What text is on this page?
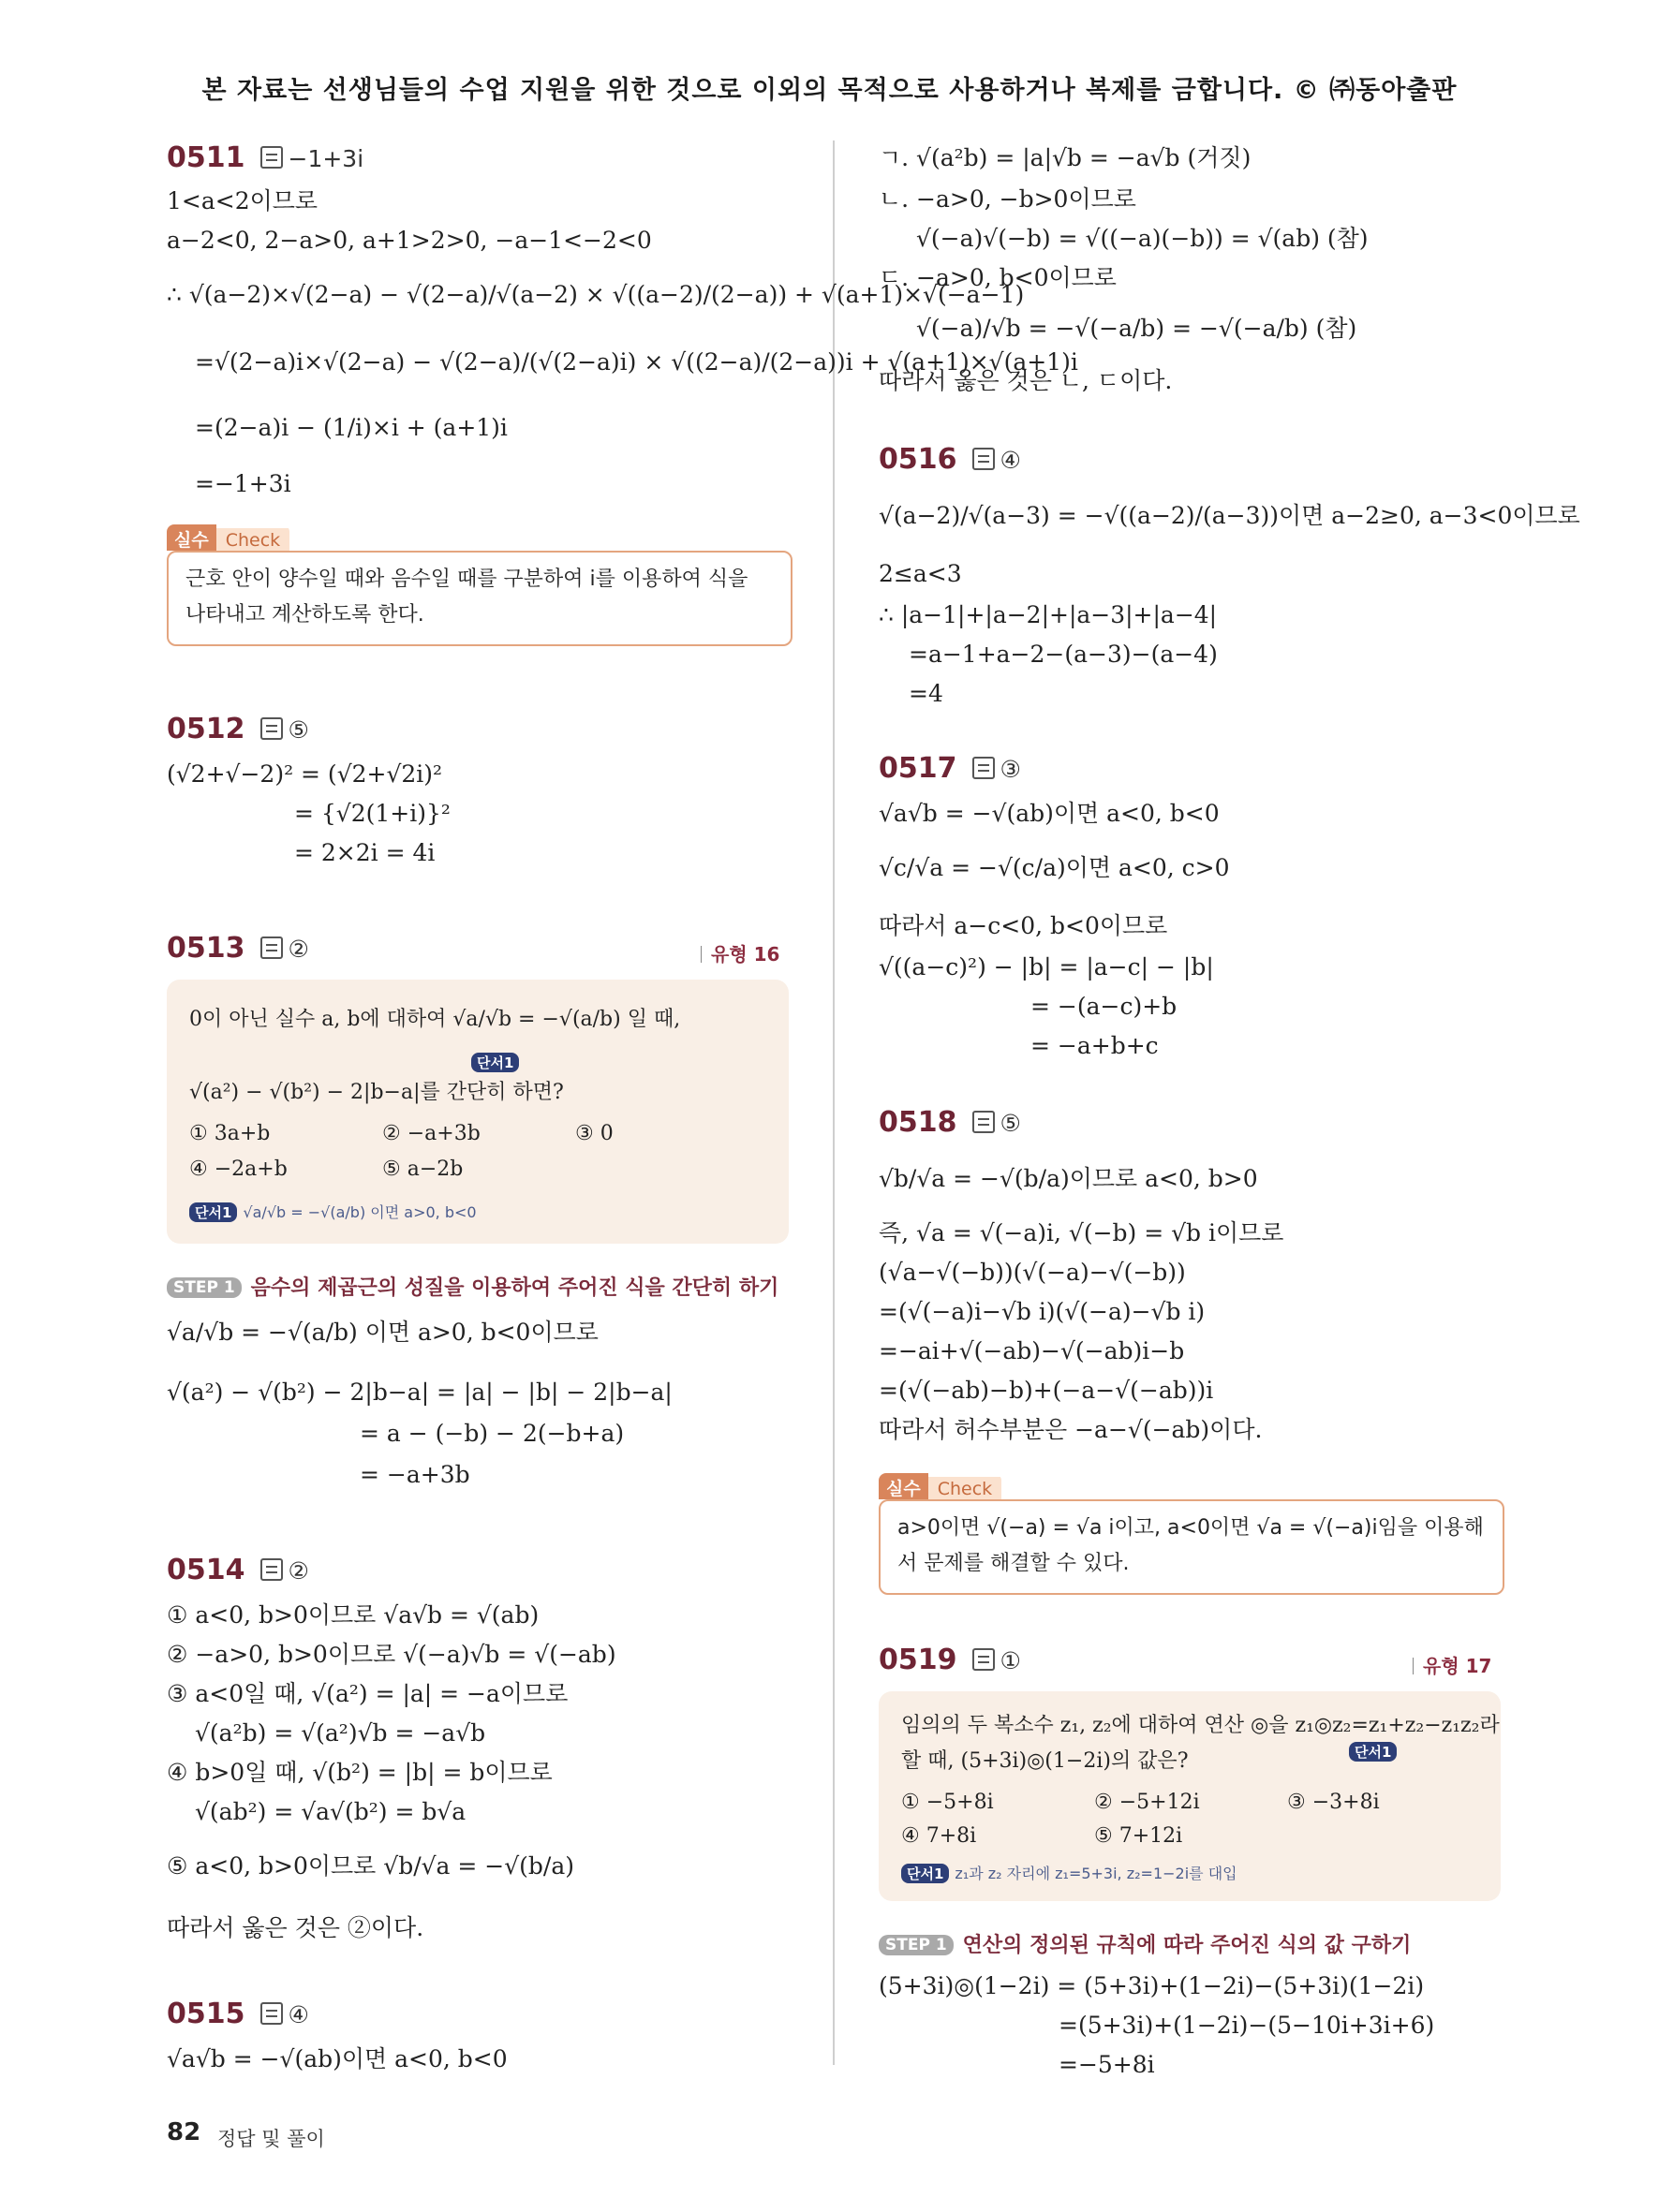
본 자료는 선생님들의 수업 지원을 위한 것으로 이외의 목적으로 사용하거나 복제를 금합니다. © ㈜동아출판
0511 −1+3i
1<a<2이므로
a−2<0, 2−a>0, a+1>2>0, −a−1<−2<0
∴ √(a−2)×√(2−a) − √(2−a)/√(a−2) × √((a−2)/(2−a)) + √(a+1)×√(−a−1)
=√(2−a)i×√(2−a) − √(2−a)/(√(2−a)i) × √((2−a)/(2−a))i + √(a+1)×√(a+1)i
=(2−a)i − (1/i)×i + (a+1)i
=−1+3i
실수 Check
근호 안이 양수일 때와 음수일 때를 구분하여 i를 이용하여 식을 나타내고 계산하도록 한다.
0512 ⑤
(√2+√−2)² = (√2+√2i)²
= {√2(1+i)}²
= 2×2i = 4i
0513 ②	유형 16
0이 아닌 실수 a, b에 대하여 √a/√b = −√(a/b) 일 때,
단서1
√(a²) − √(b²) − 2|b−a|를 간단히 하면?
① 3a+b	② −a+3b	③ 0
④ −2a+b	⑤ a−2b
단서1 √a/√b = −√(a/b) 이면 a>0, b<0
STEP 1 음수의 제곱근의 성질을 이용하여 주어진 식을 간단히 하기
√a/√b = −√(a/b) 이면 a>0, b<0이므로
√(a²) − √(b²) − 2|b−a| = |a| − |b| − 2|b−a|
= a − (−b) − 2(−b+a)
= −a+3b
0514 ②
① a<0, b>0이므로 √a√b = √(ab)
② −a>0, b>0이므로 √(−a)√b = √(−ab)
③ a<0일 때, √(a²) = |a| = −a이므로
√(a²b) = √(a²)√b = −a√b
④ b>0일 때, √(b²) = |b| = b이므로
√(ab²) = √a√(b²) = b√a
⑤ a<0, b>0이므로 √b/√a = −√(b/a)
따라서 옳은 것은 ②이다.
0515 ④
√a√b = −√(ab)이면 a<0, b<0
ㄱ. √(a²b) = |a|√b = −a√b (거짓)
ㄴ. −a>0, −b>0이므로
√(−a)√(−b) = √((−a)(−b)) = √(ab) (참)
ㄷ. −a>0, b<0이므로
√(−a)/√b = −√(−a/b) = −√(−a/b) (참)
따라서 옳은 것은 ㄴ, ㄷ이다.
0516 ④
√(a−2)/√(a−3) = −√((a−2)/(a−3))이면 a−2≥0, a−3<0이므로
2≤a<3
∴ |a−1|+|a−2|+|a−3|+|a−4|
=a−1+a−2−(a−3)−(a−4)
=4
0517 ③
√a√b = −√(ab)이면 a<0, b<0
√c/√a = −√(c/a)이면 a<0, c>0
따라서 a−c<0, b<0이므로
√((a−c)²) − |b| = |a−c| − |b|
= −(a−c)+b
= −a+b+c
0518 ⑤
√b/√a = −√(b/a)이므로 a<0, b>0
즉, √a = √(−a)i, √(−b) = √b i이므로
(√a−√(−b))(√(−a)−√(−b))
=(√(−a)i−√b i)(√(−a)−√b i)
=−ai+√(−ab)−√(−ab)i−b
=(√(−ab)−b)+(−a−√(−ab))i
따라서 허수부분은 −a−√(−ab)이다.
실수 Check
a>0이면 √(−a) = √a i이고, a<0이면 √a = √(−a)i임을 이용해서 문제를 해결할 수 있다.
0519 ①	유형 17
임의의 두 복소수 z₁, z₂에 대하여 연산 ◎을 z₁◎z₂=z₁+z₂−z₁z₂라
단서1
할 때, (5+3i)◎(1−2i)의 값은?
① −5+8i	② −5+12i	③ −3+8i
④ 7+8i	⑤ 7+12i
단서1 z₁과 z₂ 자리에 z₁=5+3i, z₂=1−2i를 대입
STEP 1 연산의 정의된 규칙에 따라 주어진 식의 값 구하기
(5+3i)◎(1−2i) = (5+3i)+(1−2i)−(5+3i)(1−2i)
=(5+3i)+(1−2i)−(5−10i+3i+6)
=−5+8i
82 정답 및 풀이
